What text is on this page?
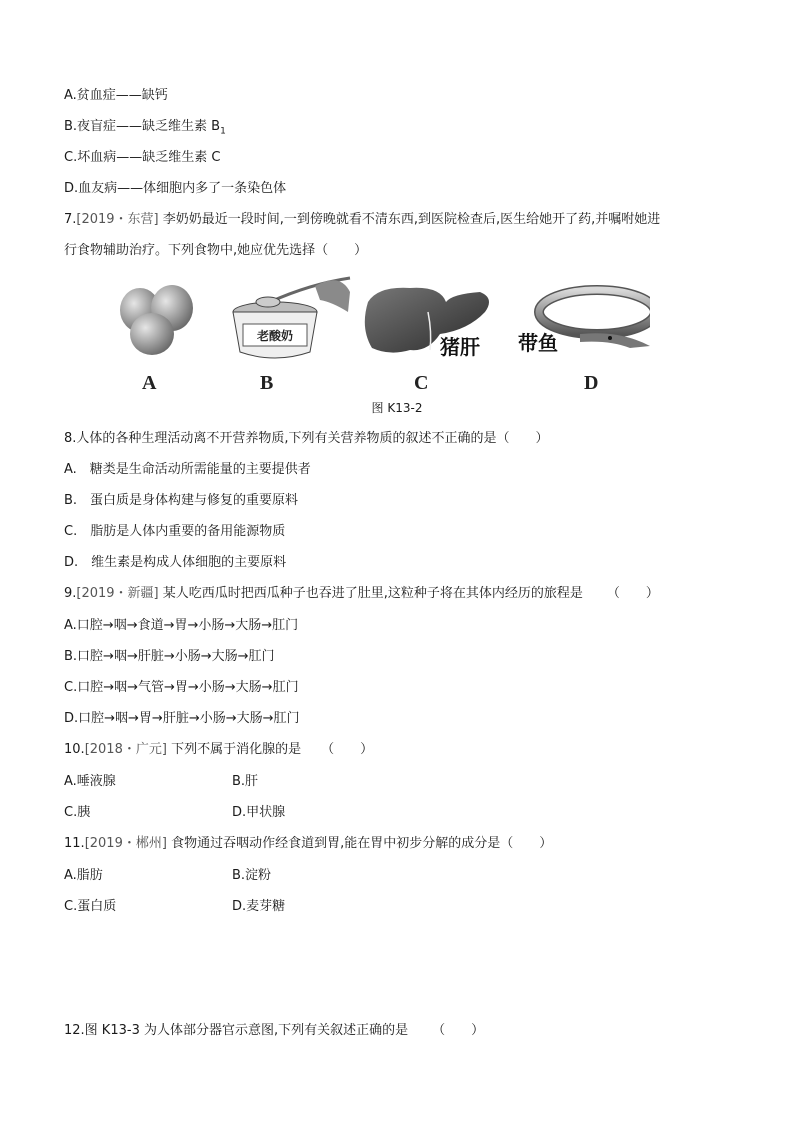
A.贫血症——缺钙
B.夜盲症——缺乏维生素 $B_1$
C.坏血病——缺乏维生素 C
D.血友病——体细胞内多了一条染色体
7.[2019・东营] 李奶奶最近一段时间,一到傍晚就看不清东西,到医院检查后,医生给她开了药,并嘱咐她进
行食物辅助治疗。下列食物中,她应优先选择（　　）
老酸奶	猪肝 带鱼
A	B	C	D
图 K13-2
8.人体的各种生理活动离不开营养物质,下列有关营养物质的叙述不正确的是（　　）
A.　糖类是生命活动所需能量的主要提供者
B.　蛋白质是身体构建与修复的重要原料
C.　脂肪是人体内重要的备用能源物质
D.　维生素是构成人体细胞的主要原料
9.[2019・新疆] 某人吃西瓜时把西瓜种子也吞进了肚里,这粒种子将在其体内经历的旅程是 （　　）
A.口腔→咽→食道→胃→小肠→大肠→肛门
B.口腔→咽→肝脏→小肠→大肠→肛门
C.口腔→咽→气管→胃→小肠→大肠→肛门
D.口腔→咽→胃→肝脏→小肠→大肠→肛门
10.[2018・广元] 下列不属于消化腺的是 （　　）
A.唾液腺	B.肝
C.胰	D.甲状腺
11.[2019・郴州] 食物通过吞咽动作经食道到胃,能在胃中初步分解的成分是（　　）
A.脂肪	B.淀粉
C.蛋白质	D.麦芽糖
12.图 K13-3 为人体部分器官示意图,下列有关叙述正确的是 （　　）
